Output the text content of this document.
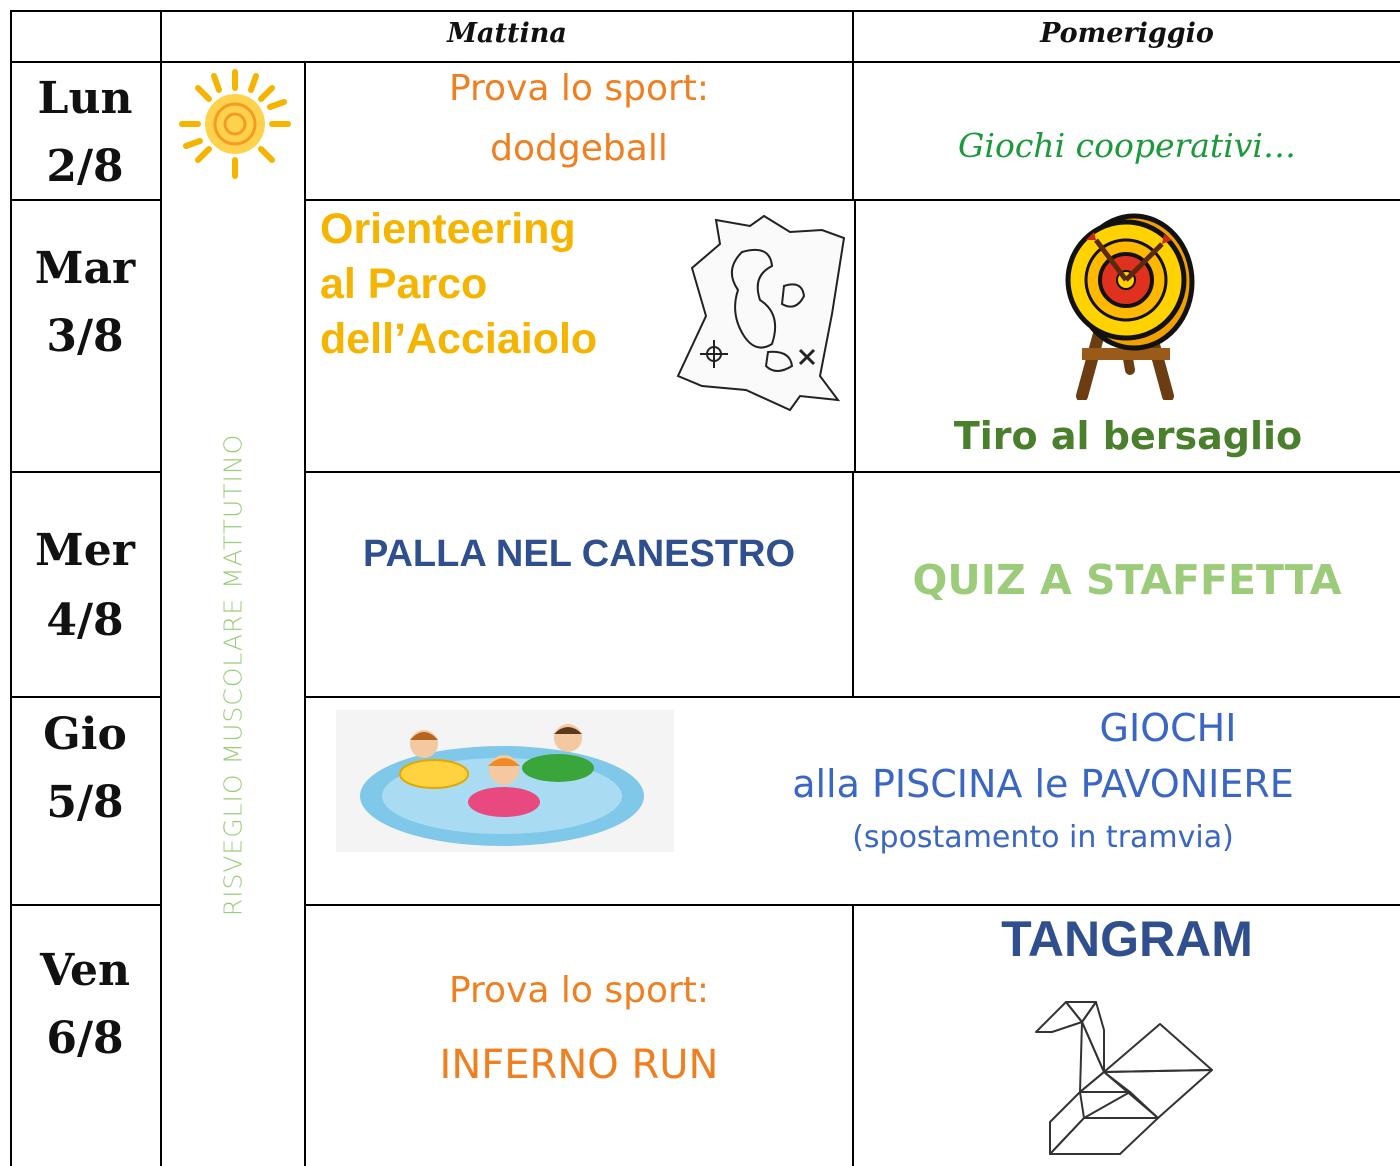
Mattina	Pomeriggio
Lun
2/8
Mar
3/8
Mer
4/8
Gio
5/8
Ven
6/8
RISVEGLIO MUSCOLARE MATTUTINO
Prova lo sport:
dodgeball	Giochi cooperativi…
Orienteering
al Parco
dell’Acciaiolo
Tiro al bersaglio
PALLA NEL CANESTRO
QUIZ A STAFFETTA
GIOCHI
alla PISCINA le PAVONIERE
(spostamento in tramvia)
Prova lo sport:
INFERNO RUN
TANGRAM
